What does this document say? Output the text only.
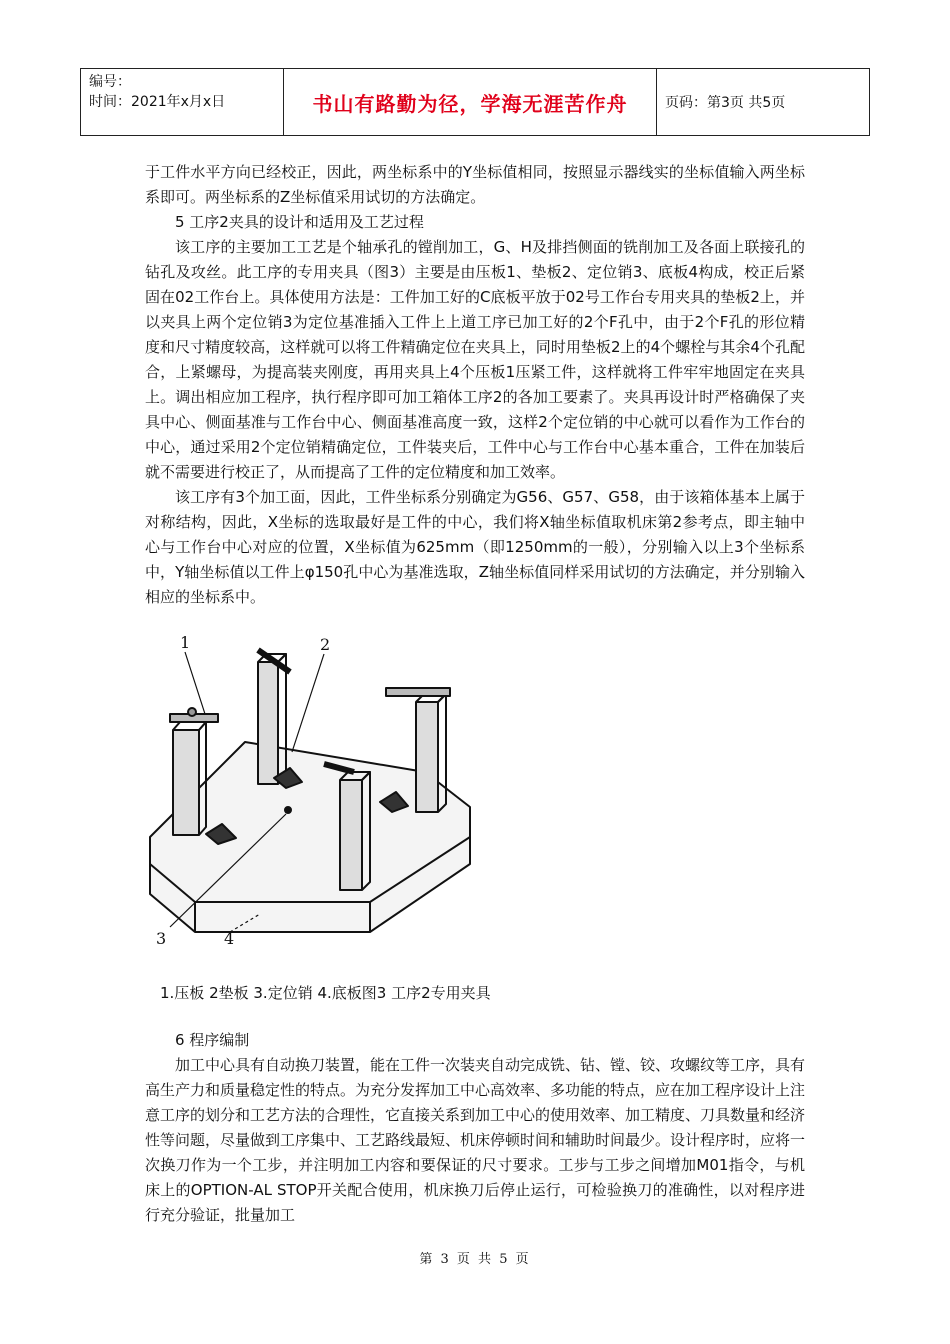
编号：
时间：2021年x月x日	书山有路勤为径，学海无涯苦作舟	页码：第3页 共5页

于工件水平方向已经校正，因此，两坐标系中的Y坐标值相同，按照显示器线实的坐标值输入两坐标系即可。两坐标系的Z坐标值采用试切的方法确定。

5 工序2夹具的设计和适用及工艺过程

该工序的主要加工工艺是个轴承孔的镗削加工，G、H及排挡侧面的铣削加工及各面上联接孔的钻孔及攻丝。此工序的专用夹具（图3）主要是由压板1、垫板2、定位销3、底板4构成，校正后紧固在02工作台上。具体使用方法是：工件加工好的C底板平放于02号工作台专用夹具的垫板2上，并以夹具上两个定位销3为定位基准插入工件上上道工序已加工好的2个F孔中，由于2个F孔的形位精度和尺寸精度较高，这样就可以将工件精确定位在夹具上，同时用垫板2上的4个螺栓与其余4个孔配合，上紧螺母，为提高装夹刚度，再用夹具上4个压板1压紧工件，这样就将工件牢牢地固定在夹具上。调出相应加工程序，执行程序即可加工箱体工序2的各加工要素了。夹具再设计时严格确保了夹具中心、侧面基准与工作台中心、侧面基准高度一致，这样2个定位销的中心就可以看作为工作台的中心，通过采用2个定位销精确定位，工件装夹后，工件中心与工作台中心基本重合，工件在加装后就不需要进行校正了，从而提高了工件的定位精度和加工效率。

该工序有3个加工面，因此，工件坐标系分别确定为G56、G57、G58，由于该箱体基本上属于对称结构，因此，X坐标的选取最好是工件的中心，我们将X轴坐标值取机床第2参考点，即主轴中心与工作台中心对应的位置，X坐标值为625mm（即1250mm的一般），分别输入以上3个坐标系中，Y轴坐标值以工件上φ150孔中心为基准选取，Z轴坐标值同样采用试切的方法确定，并分别输入相应的坐标系中。

1	2
3	4
1.压板 2垫板 3.定位销 4.底板图3 工序2专用夹具

6 程序编制

加工中心具有自动换刀装置，能在工件一次装夹自动完成铣、钻、镗、铰、攻螺纹等工序，具有高生产力和质量稳定性的特点。为充分发挥加工中心高效率、多功能的特点，应在加工程序设计上注意工序的划分和工艺方法的合理性，它直接关系到加工中心的使用效率、加工精度、刀具数量和经济性等问题，尽量做到工序集中、工艺路线最短、机床停顿时间和辅助时间最少。设计程序时，应将一次换刀作为一个工步，并注明加工内容和要保证的尺寸要求。工步与工步之间增加M01指令，与机床上的OPTION-AL STOP开关配合使用，机床换刀后停止运行，可检验换刀的准确性，以对程序进行充分验证，批量加工

第 3 页 共 5 页
